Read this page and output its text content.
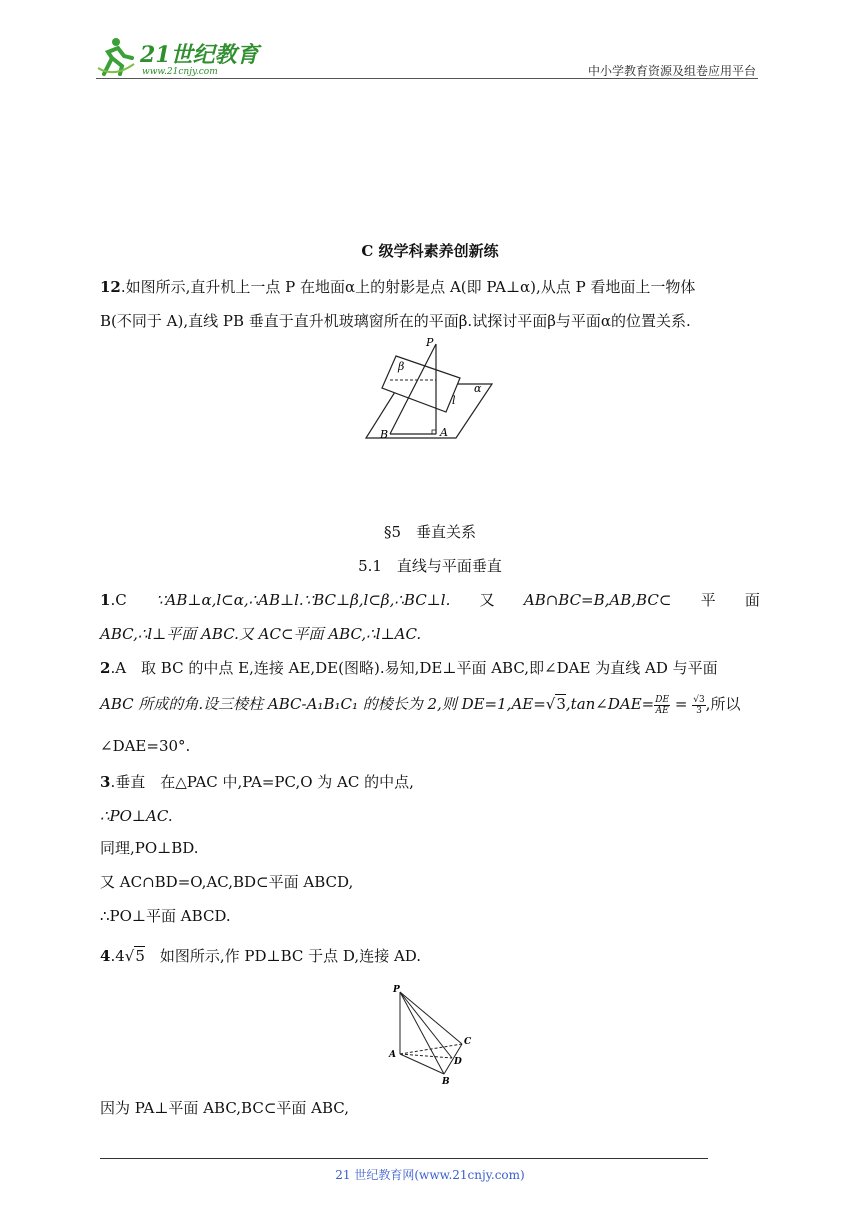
21世纪教育
www.21cnjy.com	中小学教育资源及组卷应用平台
C 级学科素养创新练
12.如图所示,直升机上一点 P 在地面α上的射影是点 A(即 PA⊥α),从点 P 看地面上一物体
B(不同于 A),直线 PB 垂直于直升机玻璃窗所在的平面β.试探讨平面β与平面α的位置关系.
P
β
α
l
B	A
§5　垂直关系
5.1　直线与平面垂直
1.C ∵AB⊥α,l⊂α,∴AB⊥l.∵BC⊥β,l⊂β,∴BC⊥l. 又 AB∩BC=B,AB,BC⊂ 平 面
ABC,∴l⊥平面 ABC.又 AC⊂平面 ABC,∴l⊥AC.
2.A　取 BC 的中点 E,连接 AE,DE(图略).易知,DE⊥平面 ABC,即∠DAE 为直线 AD 与平面
ABC 所成的角.设三棱柱 ABC-A₁B₁C₁ 的棱长为 2,则 DE=1,AE=√3,tan∠DAE= $\frac{DE}{AE} = \frac{√3}{3}$ ,所以
∠DAE=30°.
3.垂直　在△PAC 中,PA=PC,O 为 AC 的中点,
∴PO⊥AC.
同理,PO⊥BD.
又 AC∩BD=O,AC,BD⊂平面 ABCD,
∴PO⊥平面 ABCD.
4.4√5　如图所示,作 PD⊥BC 于点 D,连接 AD.
P
A
B
C
D
因为 PA⊥平面 ABC,BC⊂平面 ABC,
21 世纪教育网(www.21cnjy.com)
